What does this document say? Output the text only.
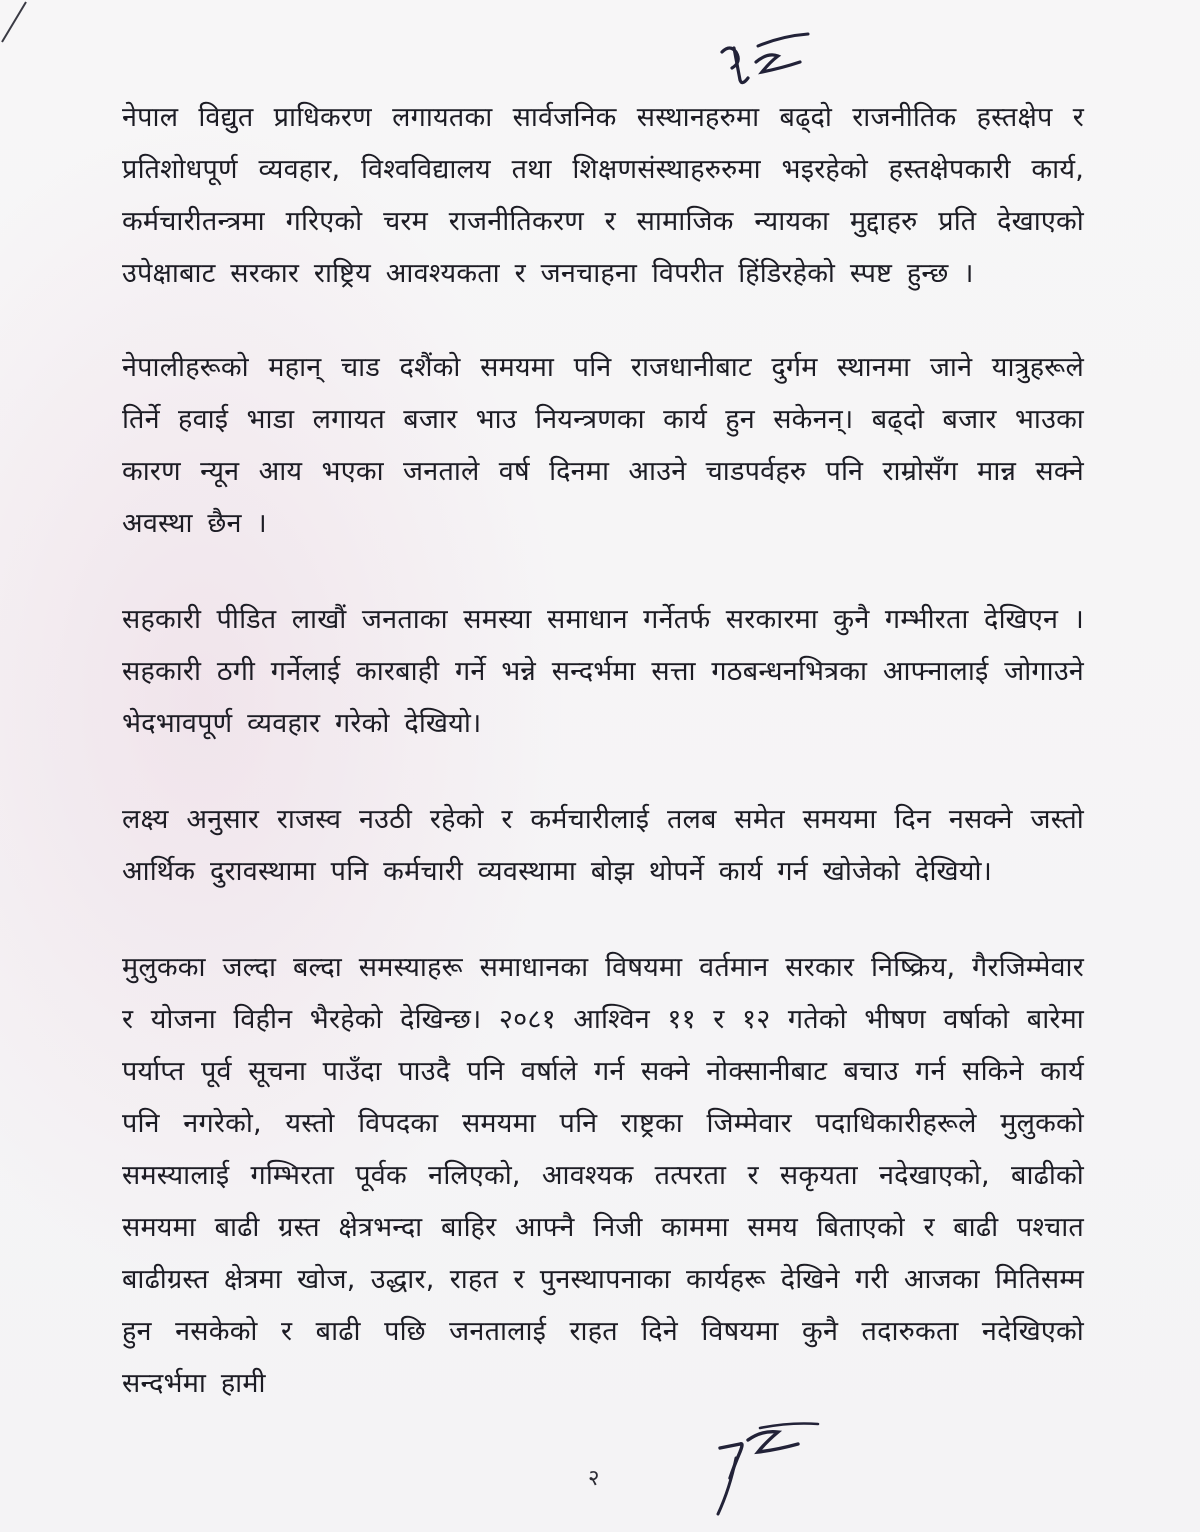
नेपाल विद्युत प्राधिकरण लगायतका सार्वजनिक सस्थानहरुमा बढ्दो राजनीतिक हस्तक्षेप र प्रतिशोधपूर्ण व्यवहार, विश्वविद्यालय तथा शिक्षणसंस्थाहरुरुमा भइरहेको हस्तक्षेपकारी कार्य, कर्मचारीतन्त्रमा गरिएको चरम राजनीतिकरण र सामाजिक न्यायका मुद्दाहरु प्रति देखाएको उपेक्षाबाट सरकार राष्ट्रिय आवश्यकता र जनचाहना विपरीत हिंडिरहेको स्पष्ट हुन्छ ।

नेपालीहरूको महान् चाड दशैंको समयमा पनि राजधानीबाट दुर्गम स्थानमा जाने यात्रुहरूले तिर्ने हवाई भाडा लगायत बजार भाउ नियन्त्रणका कार्य हुन सकेनन्। बढ्दो बजार भाउका कारण न्यून आय भएका जनताले वर्ष दिनमा आउने चाडपर्वहरु पनि राम्रोसँग मान्न सक्ने अवस्था छैन ।

सहकारी पीडित लाखौं जनताका समस्या समाधान गर्नेतर्फ सरकारमा कुनै गम्भीरता देखिएन । सहकारी ठगी गर्नेलाई कारबाही गर्ने भन्ने सन्दर्भमा सत्ता गठबन्धनभित्रका आफ्नालाई जोगाउने भेदभावपूर्ण व्यवहार गरेको देखियो।

लक्ष्य अनुसार राजस्व नउठी रहेको र कर्मचारीलाई तलब समेत समयमा दिन नसक्ने जस्तो आर्थिक दुरावस्थामा पनि कर्मचारी व्यवस्थामा बोझ थोपर्ने कार्य गर्न खोजेको देखियो।

मुलुकका जल्दा बल्दा समस्याहरू समाधानका विषयमा वर्तमान सरकार निष्क्रिय, गैरजिम्मेवार र योजना विहीन भैरहेको देखिन्छ। २०८१ आश्विन ११ र १२ गतेको भीषण वर्षाको बारेमा पर्याप्त पूर्व सूचना पाउँदा पाउदै पनि वर्षाले गर्न सक्ने नोक्सानीबाट बचाउ गर्न सकिने कार्य पनि नगरेको, यस्तो विपदका समयमा पनि राष्ट्रका जिम्मेवार पदाधिकारीहरूले मुलुकको समस्यालाई गम्भिरता पूर्वक नलिएको, आवश्यक तत्परता र सकृयता नदेखाएको, बाढीको समयमा बाढी ग्रस्त क्षेत्रभन्दा बाहिर आफ्नै निजी काममा समय बिताएको र बाढी पश्चात बाढीग्रस्त क्षेत्रमा खोज, उद्धार, राहत र पुनस्थापनाका कार्यहरू देखिने गरी आजका मितिसम्म हुन नसकेको र बाढी पछि जनतालाई राहत दिने विषयमा कुनै तदारुकता नदेखिएको सन्दर्भमा हामी

२
